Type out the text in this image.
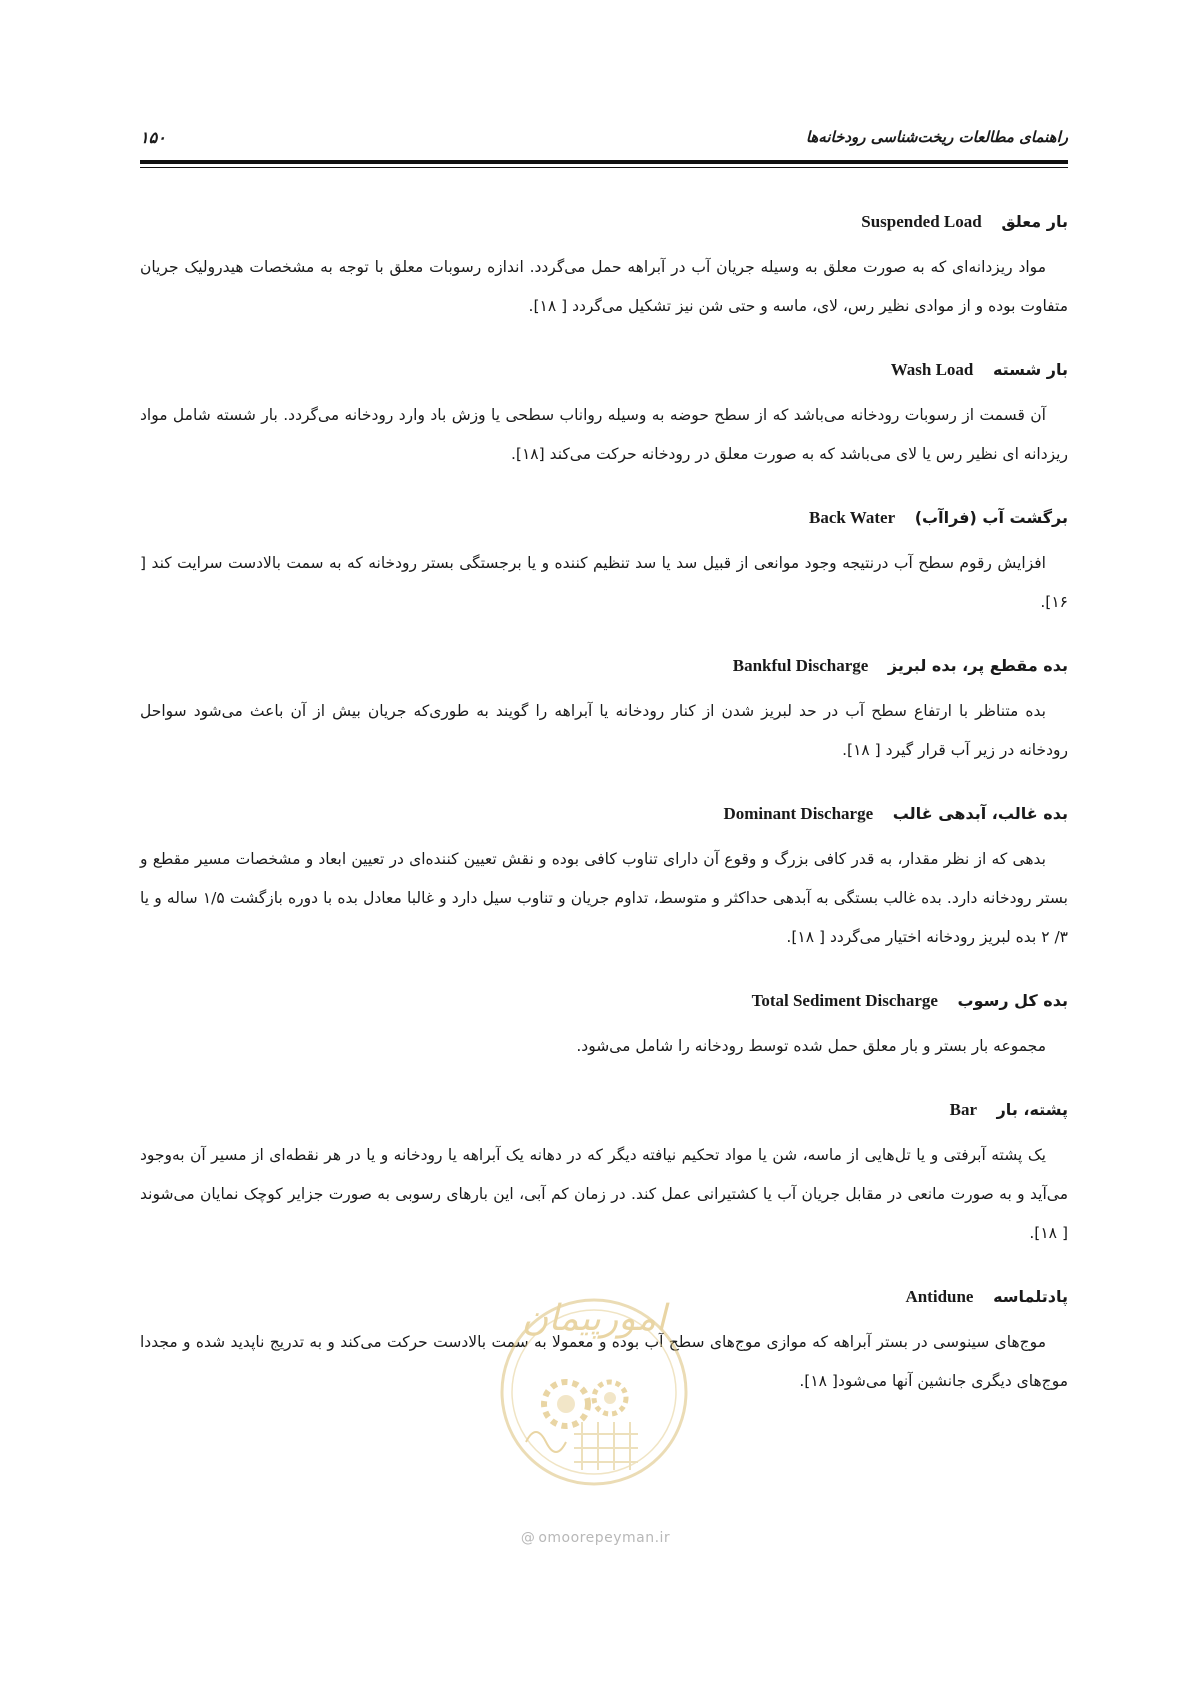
راهنمای مطالعات ریخت‌شناسی رودخانه‌ها
۱۵۰
بار معلق Suspended Load

مواد ریزدانه‌ای که به صورت معلق به وسیله جریان آب در آبراهه حمل می‌گردد. اندازه رسوبات معلق با توجه به مشخصات هیدرولیک جریان متفاوت بوده و از موادی نظیر رس، لای، ماسه و حتی شن نیز تشکیل می‌گردد [ ۱۸].

بار شسته Wash Load

آن قسمت از رسوبات رودخانه می‌باشد که از سطح حوضه به وسیله رواناب سطحی یا وزش باد وارد رودخانه می‌گردد. بار شسته شامل مواد ریزدانه ای نظیر رس یا لای می‌باشد که به صورت معلق در رودخانه حرکت می‌کند [۱۸].

برگشت آب (فراآب) Back Water

افزایش رقوم سطح آب درنتیجه وجود موانعی از قبیل سد یا سد تنظیم کننده و یا برجستگی بستر رودخانه که به سمت بالادست سرایت کند [ ۱۶].

بده مقطع پر، بده لبریز Bankful Discharge

بده متناظر با ارتفاع سطح آب در حد لبریز شدن از کنار رودخانه یا آبراهه را گویند به طوری‌که جریان بیش از آن باعث می‌شود سواحل رودخانه در زیر آب قرار گیرد [ ۱۸].

بده غالب، آبدهی غالب Dominant Discharge

بدهی که از نظر مقدار، به قدر کافی بزرگ و وقوع آن دارای تناوب کافی بوده و نقش تعیین کننده‌ای در تعیین ابعاد و مشخصات مسیر مقطع و بستر رودخانه دارد. بده غالب بستگی به آبدهی حداکثر و متوسط، تداوم جریان و تناوب سیل دارد و غالبا معادل بده با دوره بازگشت ۱/۵ ساله و یا ۳/ ۲ بده لبریز رودخانه اختیار می‌گردد [ ۱۸].

بده کل رسوب Total Sediment Discharge

مجموعه بار بستر و بار معلق حمل شده توسط رودخانه را شامل می‌شود.

پشته، بار Bar

یک پشته آبرفتی و یا تل‌هایی از ماسه، شن یا مواد تحکیم نیافته دیگر که در دهانه یک آبراهه یا رودخانه و یا در هر نقطه‌ای از مسیر آن به‌وجود می‌آید و به صورت مانعی در مقابل جریان آب یا کشتیرانی عمل کند. در زمان کم آبی، این بارهای رسوبی به صورت جزایر کوچک نمایان می‌شوند [ ۱۸].

پادتلماسه Antidune

موج‌های سینوسی در بستر آبراهه که موازی موج‌های سطح آب بوده و معمولا به سمت بالادست حرکت می‌کند و به تدریج ناپدید شده و مجددا موج‌های دیگری جانشین آنها می‌شود[ ۱۸].

امورپیمان
@ omoorepeyman.ir
